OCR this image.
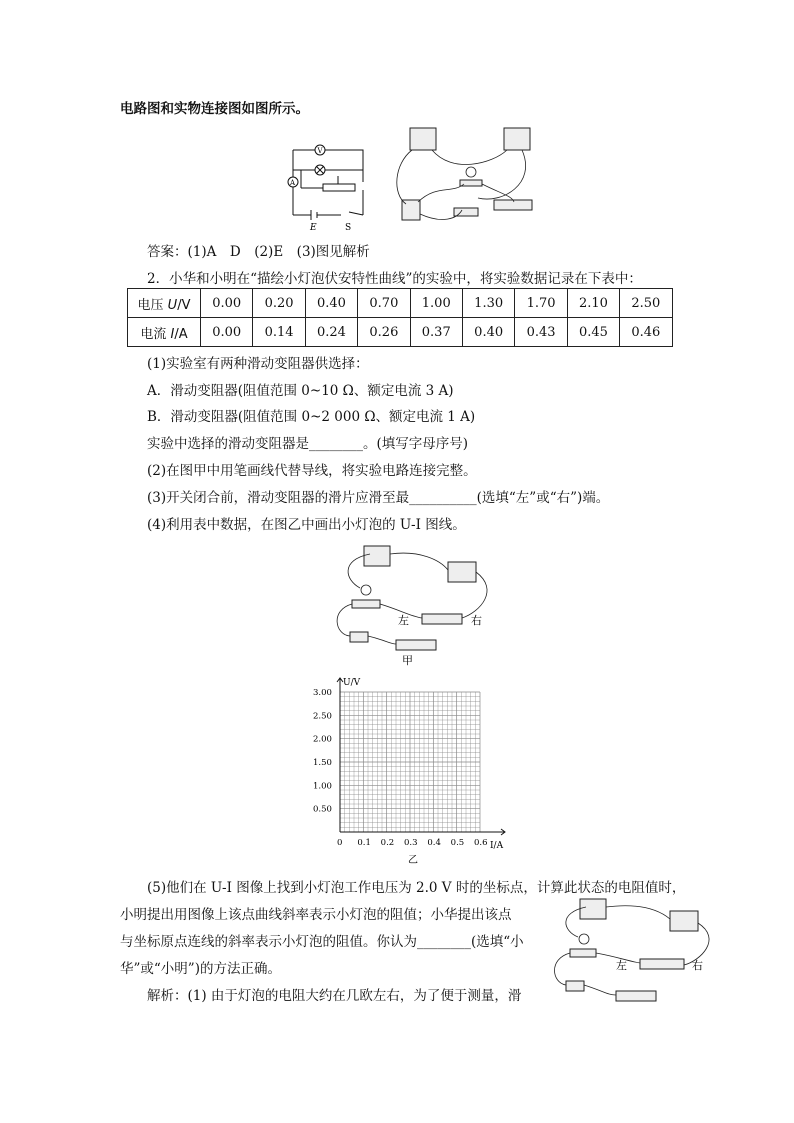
电路图和实物连接图如图所示。
V
A
E	S
答案：(1)A　D　(2)E　(3)图见解析
2．小华和小明在“描绘小灯泡伏安特性曲线”的实验中，将实验数据记录在下表中：
电压 U/V	0.00	0.20	0.40	0.70	1.00	1.30	1.70	2.10	2.50
电流 I/A	0.00	0.14	0.24	0.26	0.37	0.40	0.43	0.45	0.46
(1)实验室有两种滑动变阻器供选择：
A．滑动变阻器(阻值范围 0~10 Ω、额定电流 3 A)
B．滑动变阻器(阻值范围 0~2 000 Ω、额定电流 1 A)
实验中选择的滑动变阻器是________。(填写字母序号)
(2)在图甲中用笔画线代替导线，将实验电路连接完整。
(3)开关闭合前，滑动变阻器的滑片应滑至最__________(选填“左”或“右”)端。
(4)利用表中数据，在图乙中画出小灯泡的 U-I 图线。
左	右
甲
U/V
I/A
3.00
2.50
2.00
1.50
1.00
0.50
0 0.1 0.2 0.3 0.4 0.5 0.6
乙
(5)他们在 U-I 图像上找到小灯泡工作电压为 2.0 V 时的坐标点，计算此状态的电阻值时，
小明提出用图像上该点曲线斜率表示小灯泡的阻值；小华提出该点
与坐标原点连线的斜率表示小灯泡的阻值。你认为________(选填“小
华”或“小明”)的方法正确。
解析：(1) 由于灯泡的电阻大约在几欧左右，为了便于测量，滑
左	右
